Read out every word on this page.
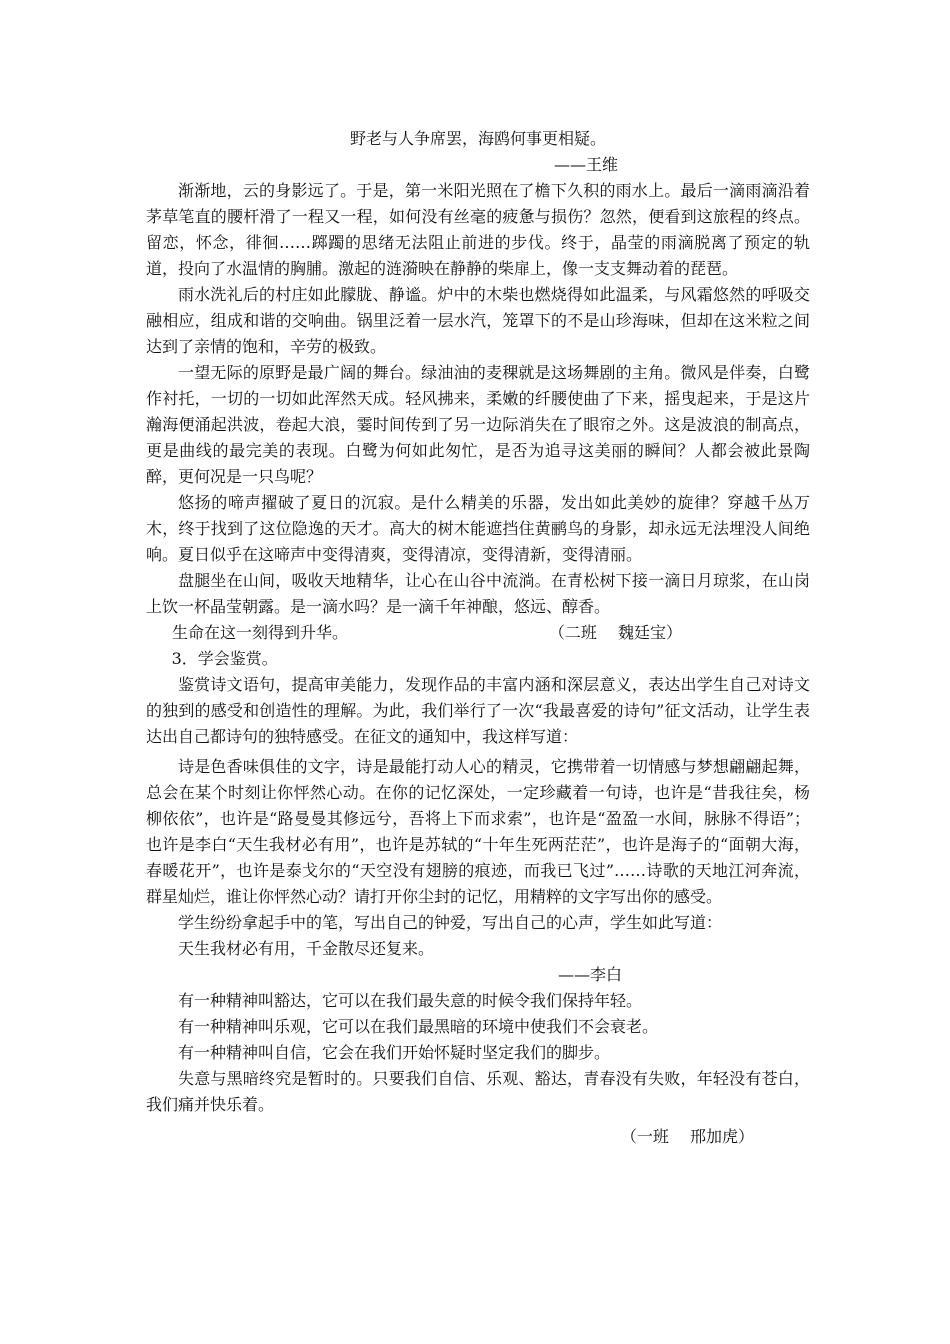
野老与人争席罢，海鸥何事更相疑。

——王维

渐渐地，云的身影远了。于是，第一米阳光照在了檐下久积的雨水上。最后一滴雨滴沿着茅草笔直的腰杆滑了一程又一程，如何没有丝毫的疲惫与损伤？忽然，便看到这旅程的终点。留恋，怀念，徘徊……踯躅的思绪无法阻止前进的步伐。终于，晶莹的雨滴脱离了预定的轨道，投向了水温情的胸脯。激起的涟漪映在静静的柴扉上，像一支支舞动着的琵琶。

雨水洗礼后的村庄如此朦胧、静谧。炉中的木柴也燃烧得如此温柔，与风霜悠然的呼吸交融相应，组成和谐的交响曲。锅里泛着一层水汽，笼罩下的不是山珍海味，但却在这米粒之间达到了亲情的饱和，辛劳的极致。

一望无际的原野是最广阔的舞台。绿油油的麦稞就是这场舞剧的主角。微风是伴奏，白鹭作衬托，一切的一切如此浑然天成。轻风拂来，柔嫩的纤腰使曲了下来，摇曳起来，于是这片瀚海便涌起洪波，卷起大浪，霎时间传到了另一边际消失在了眼帘之外。这是波浪的制高点，更是曲线的最完美的表现。白鹭为何如此匆忙，是否为追寻这美丽的瞬间？人都会被此景陶醉，更何况是一只鸟呢？

悠扬的啼声擢破了夏日的沉寂。是什么精美的乐器，发出如此美妙的旋律？穿越千丛万木，终于找到了这位隐逸的天才。高大的树木能遮挡住黄鹂鸟的身影，却永远无法埋没人间绝响。夏日似乎在这啼声中变得清爽，变得清凉，变得清新，变得清丽。

盘腿坐在山间，吸收天地精华，让心在山谷中流淌。在青松树下接一滴日月琼浆，在山岗上饮一杯晶莹朝露。是一滴水吗？是一滴千年神酿，悠远、醇香。

生命在这一刻得到升华。	（二班　 魏廷宝）

3．学会鉴赏。

鉴赏诗文语句，提高审美能力，发现作品的丰富内涵和深层意义，表达出学生自己对诗文的独到的感受和创造性的理解。为此，我们举行了一次“我最喜爱的诗句”征文活动，让学生表达出自己都诗句的独特感受。在征文的通知中，我这样写道：

诗是色香味俱佳的文字，诗是最能打动人心的精灵，它携带着一切情感与梦想翩翩起舞，总会在某个时刻让你怦然心动。在你的记忆深处，一定珍藏着一句诗，也许是“昔我往矣，杨柳依依”，也许是“路曼曼其修远兮，吾将上下而求索”，也许是“盈盈一水间，脉脉不得语”；也许是李白“天生我材必有用”，也许是苏轼的“十年生死两茫茫”，也许是海子的“面朝大海，春暖花开”，也许是泰戈尔的“天空没有翅膀的痕迹，而我已飞过”……诗歌的天地江河奔流，群星灿烂，谁让你怦然心动？请打开你尘封的记忆，用精粹的文字写出你的感受。

学生纷纷拿起手中的笔，写出自己的钟爱，写出自己的心声，学生如此写道：

天生我材必有用，千金散尽还复来。

——李白

有一种精神叫豁达，它可以在我们最失意的时候令我们保持年轻。

有一种精神叫乐观，它可以在我们最黑暗的环境中使我们不会衰老。

有一种精神叫自信，它会在我们开始怀疑时坚定我们的脚步。

失意与黑暗终究是暂时的。只要我们自信、乐观、豁达，青春没有失败，年轻没有苍白，我们痛并快乐着。

（一班　 邢加虎）
